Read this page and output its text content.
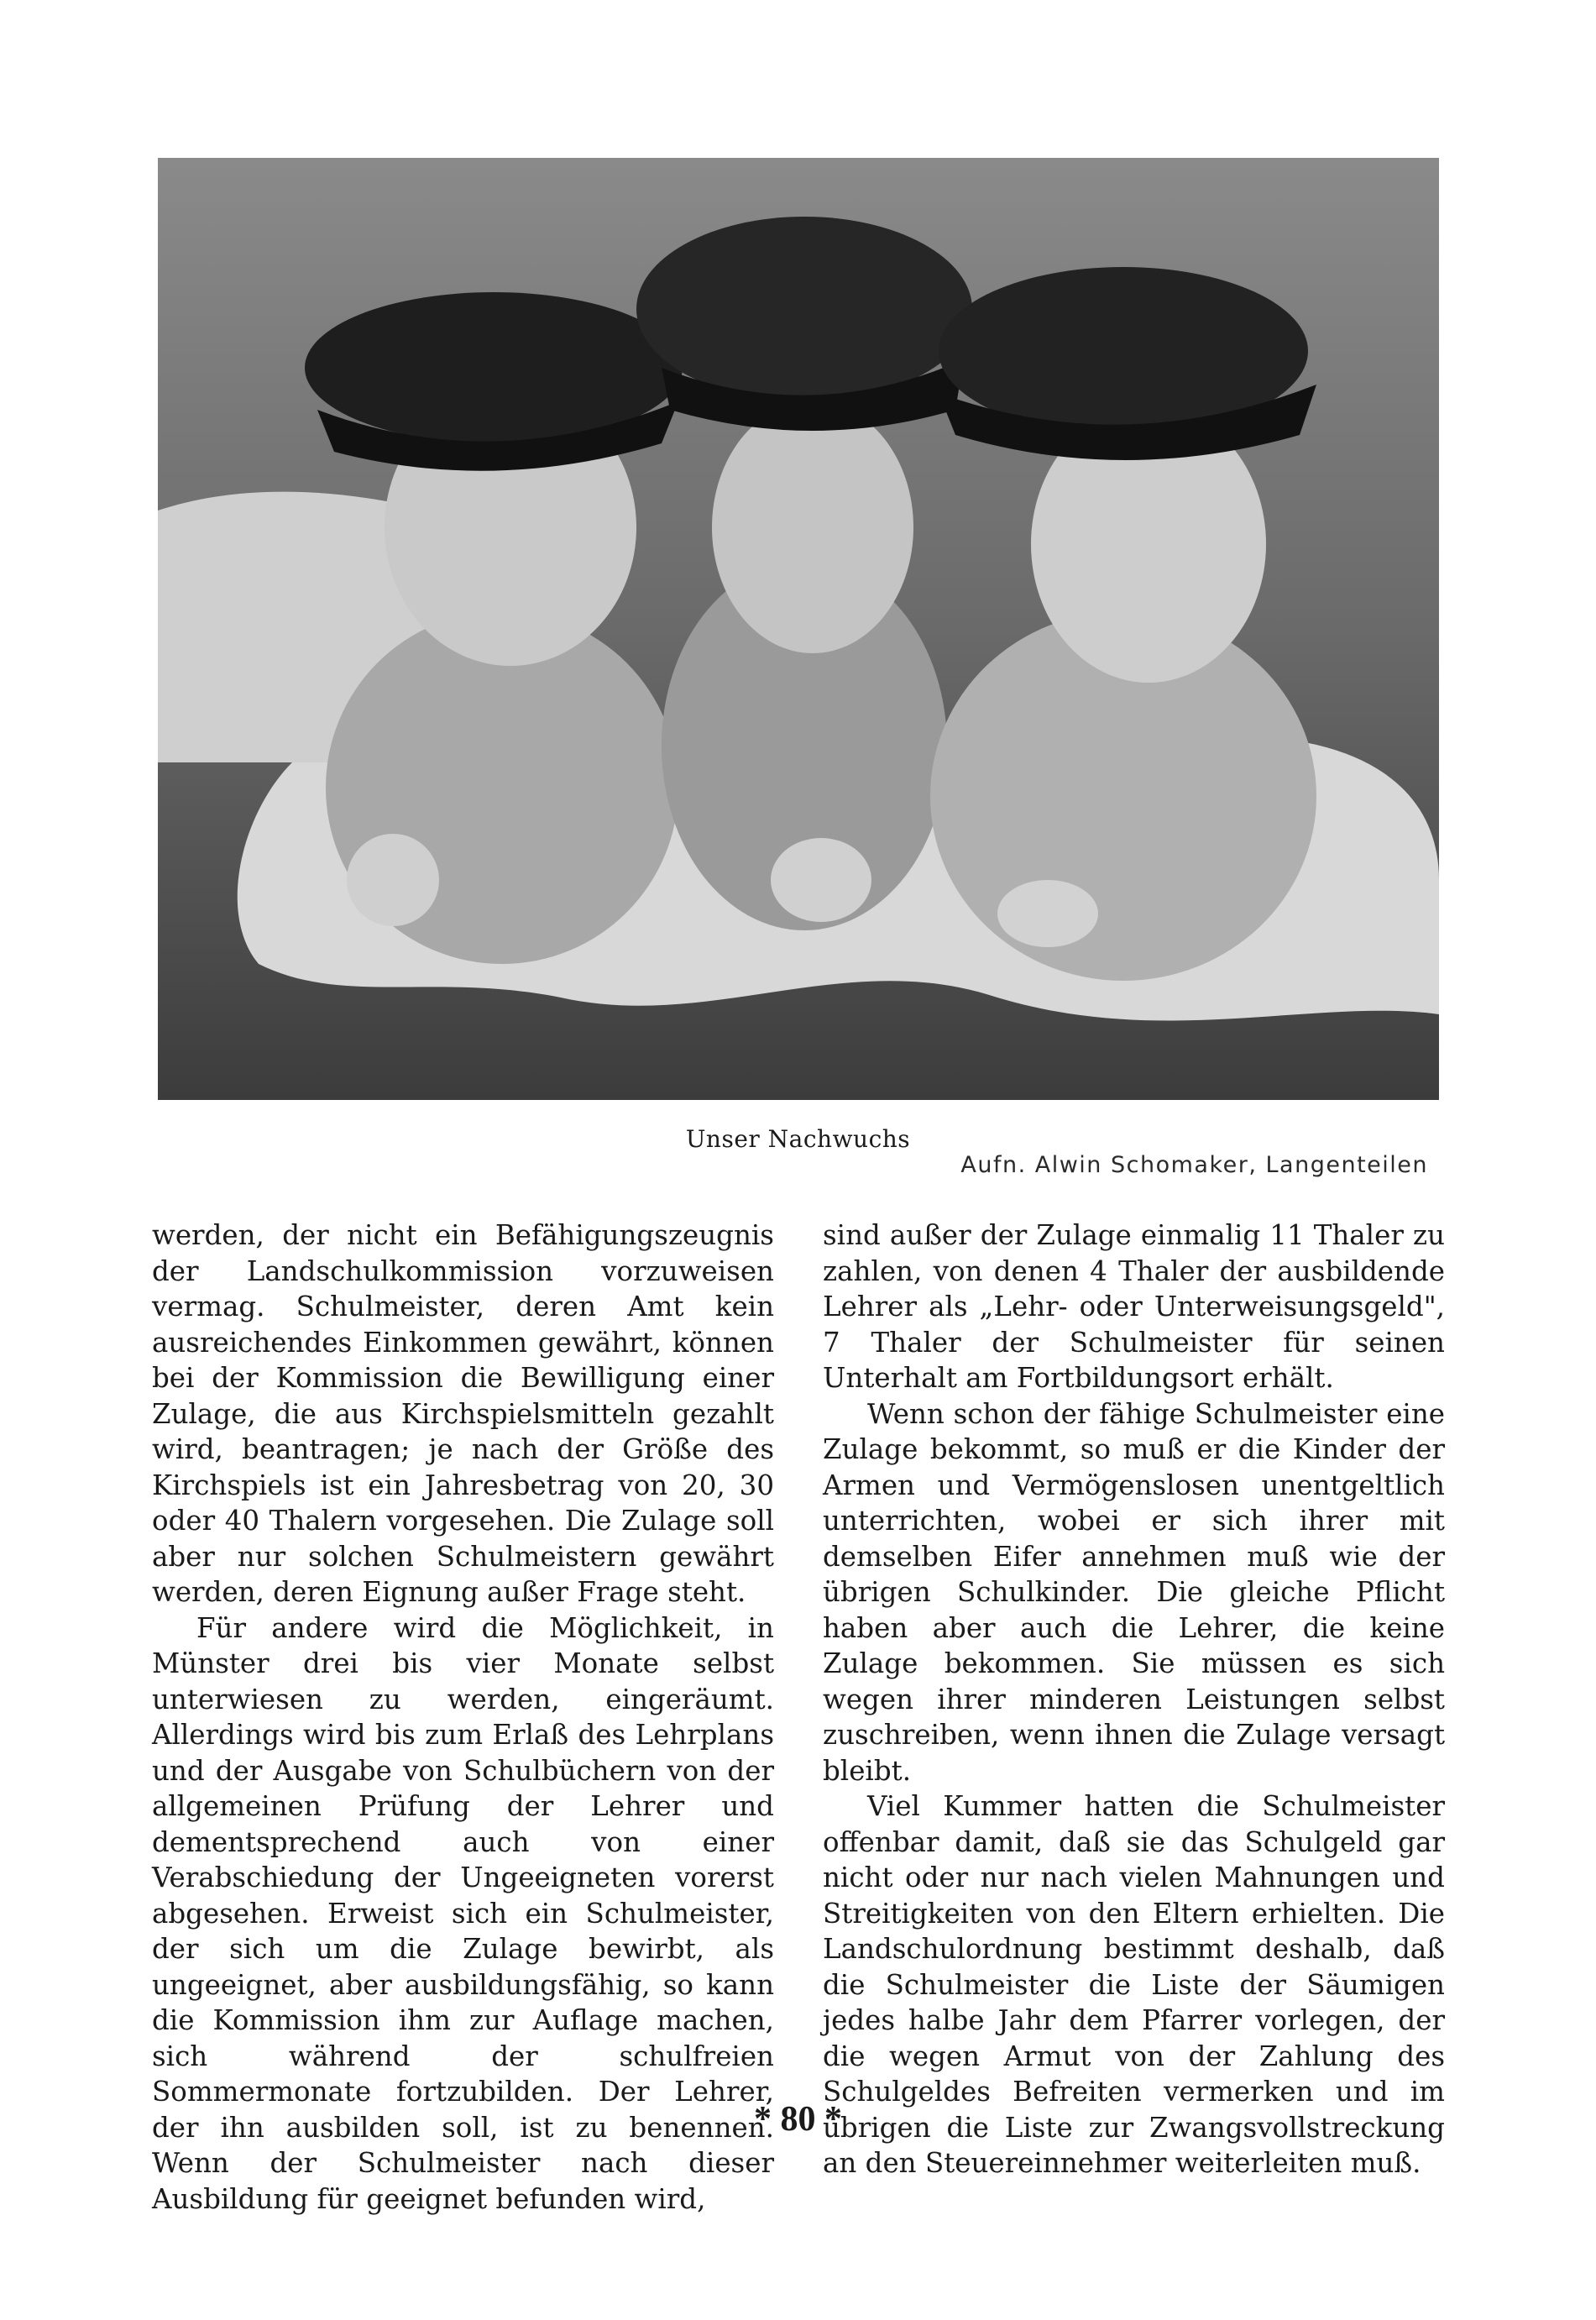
Unser Nachwuchs
Aufn. Alwin Schomaker, Langenteilen

werden, der nicht ein Befähigungszeugnis der Landschulkommission vorzuweisen vermag. Schulmeister, deren Amt kein ausreichendes Einkommen gewährt, können bei der Kommission die Bewilligung einer Zulage, die aus Kirchspielsmitteln gezahlt wird, beantragen; je nach der Größe des Kirchspiels ist ein Jahresbetrag von 20, 30 oder 40 Thalern vorgesehen. Die Zulage soll aber nur solchen Schulmeistern gewährt werden, deren Eignung außer Frage steht.

Für andere wird die Möglichkeit, in Münster drei bis vier Monate selbst unterwiesen zu werden, eingeräumt. Allerdings wird bis zum Erlaß des Lehrplans und der Ausgabe von Schulbüchern von der allgemeinen Prüfung der Lehrer und dementsprechend auch von einer Verabschiedung der Ungeeigneten vorerst abgesehen. Erweist sich ein Schulmeister, der sich um die Zulage bewirbt, als ungeeignet, aber ausbildungsfähig, so kann die Kommission ihm zur Auflage machen, sich während der schulfreien Sommermonate fortzubilden. Der Lehrer, der ihn ausbilden soll, ist zu benennen. Wenn der Schulmeister nach dieser Ausbildung für geeignet befunden wird,

sind außer der Zulage einmalig 11 Thaler zu zahlen, von denen 4 Thaler der ausbildende Lehrer als „Lehr- oder Unterweisungsgeld", 7 Thaler der Schulmeister für seinen Unterhalt am Fortbildungsort erhält.

Wenn schon der fähige Schulmeister eine Zulage bekommt, so muß er die Kinder der Armen und Vermögenslosen unentgeltlich unterrichten, wobei er sich ihrer mit demselben Eifer annehmen muß wie der übrigen Schulkinder. Die gleiche Pflicht haben aber auch die Lehrer, die keine Zulage bekommen. Sie müssen es sich wegen ihrer minderen Leistungen selbst zuschreiben, wenn ihnen die Zulage versagt bleibt.

Viel Kummer hatten die Schulmeister offenbar damit, daß sie das Schulgeld gar nicht oder nur nach vielen Mahnungen und Streitigkeiten von den Eltern erhielten. Die Landschulordnung bestimmt deshalb, daß die Schulmeister die Liste der Säumigen jedes halbe Jahr dem Pfarrer vorlegen, der die wegen Armut von der Zahlung des Schulgeldes Befreiten vermerken und im übrigen die Liste zur Zwangsvollstreckung an den Steuereinnehmer weiterleiten muß.

* 80 *
